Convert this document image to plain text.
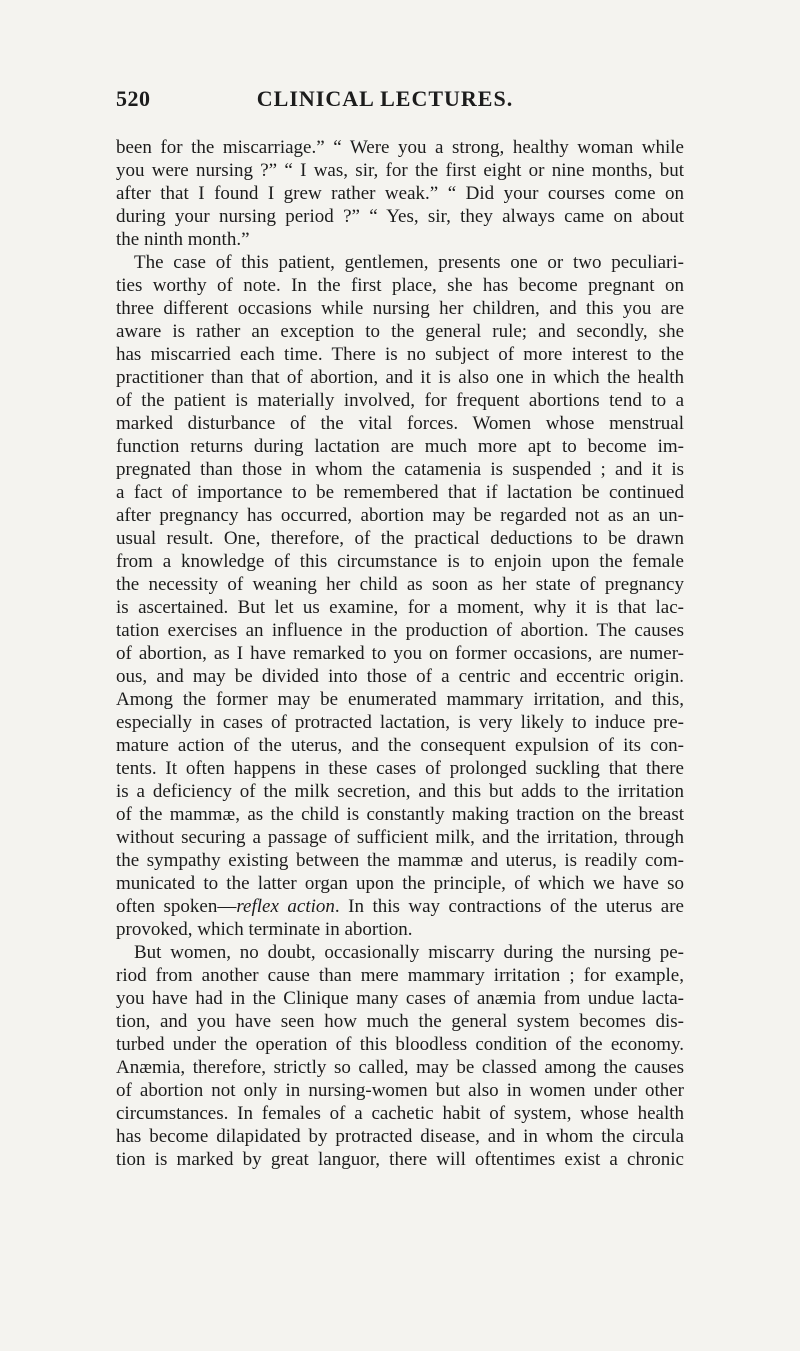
520	CLINICAL LECTURES.
been for the miscarriage.” “ Were you a strong, healthy woman while
you were nursing ?” “ I was, sir, for the first eight or nine months, but
after that I found I grew rather weak.” “ Did your courses come on
during your nursing period ?” “ Yes, sir, they always came on about
the ninth month.”
The case of this patient, gentlemen, presents one or two peculiari-
ties worthy of note. In the first place, she has become pregnant on
three different occasions while nursing her children, and this you are
aware is rather an exception to the general rule; and secondly, she
has miscarried each time. There is no subject of more interest to the
practitioner than that of abortion, and it is also one in which the health
of the patient is materially involved, for frequent abortions tend to a
marked disturbance of the vital forces. Women whose menstrual
function returns during lactation are much more apt to become im-
pregnated than those in whom the catamenia is suspended ; and it is
a fact of importance to be remembered that if lactation be continued
after pregnancy has occurred, abortion may be regarded not as an un-
usual result. One, therefore, of the practical deductions to be drawn
from a knowledge of this circumstance is to enjoin upon the female
the necessity of weaning her child as soon as her state of pregnancy
is ascertained. But let us examine, for a moment, why it is that lac-
tation exercises an influence in the production of abortion. The causes
of abortion, as I have remarked to you on former occasions, are numer-
ous, and may be divided into those of a centric and eccentric origin.
Among the former may be enumerated mammary irritation, and this,
especially in cases of protracted lactation, is very likely to induce pre-
mature action of the uterus, and the consequent expulsion of its con-
tents. It often happens in these cases of prolonged suckling that there
is a deficiency of the milk secretion, and this but adds to the irritation
of the mammæ, as the child is constantly making traction on the breast
without securing a passage of sufficient milk, and the irritation, through
the sympathy existing between the mammæ and uterus, is readily com-
municated to the latter organ upon the principle, of which we have so
often spoken—reflex action. In this way contractions of the uterus are
provoked, which terminate in abortion.
But women, no doubt, occasionally miscarry during the nursing pe-
riod from another cause than mere mammary irritation ; for example,
you have had in the Clinique many cases of anæmia from undue lacta-
tion, and you have seen how much the general system becomes dis-
turbed under the operation of this bloodless condition of the economy.
Anæmia, therefore, strictly so called, may be classed among the causes
of abortion not only in nursing-women but also in women under other
circumstances. In females of a cachetic habit of system, whose health
has become dilapidated by protracted disease, and in whom the circula
tion is marked by great languor, there will oftentimes exist a chronic
